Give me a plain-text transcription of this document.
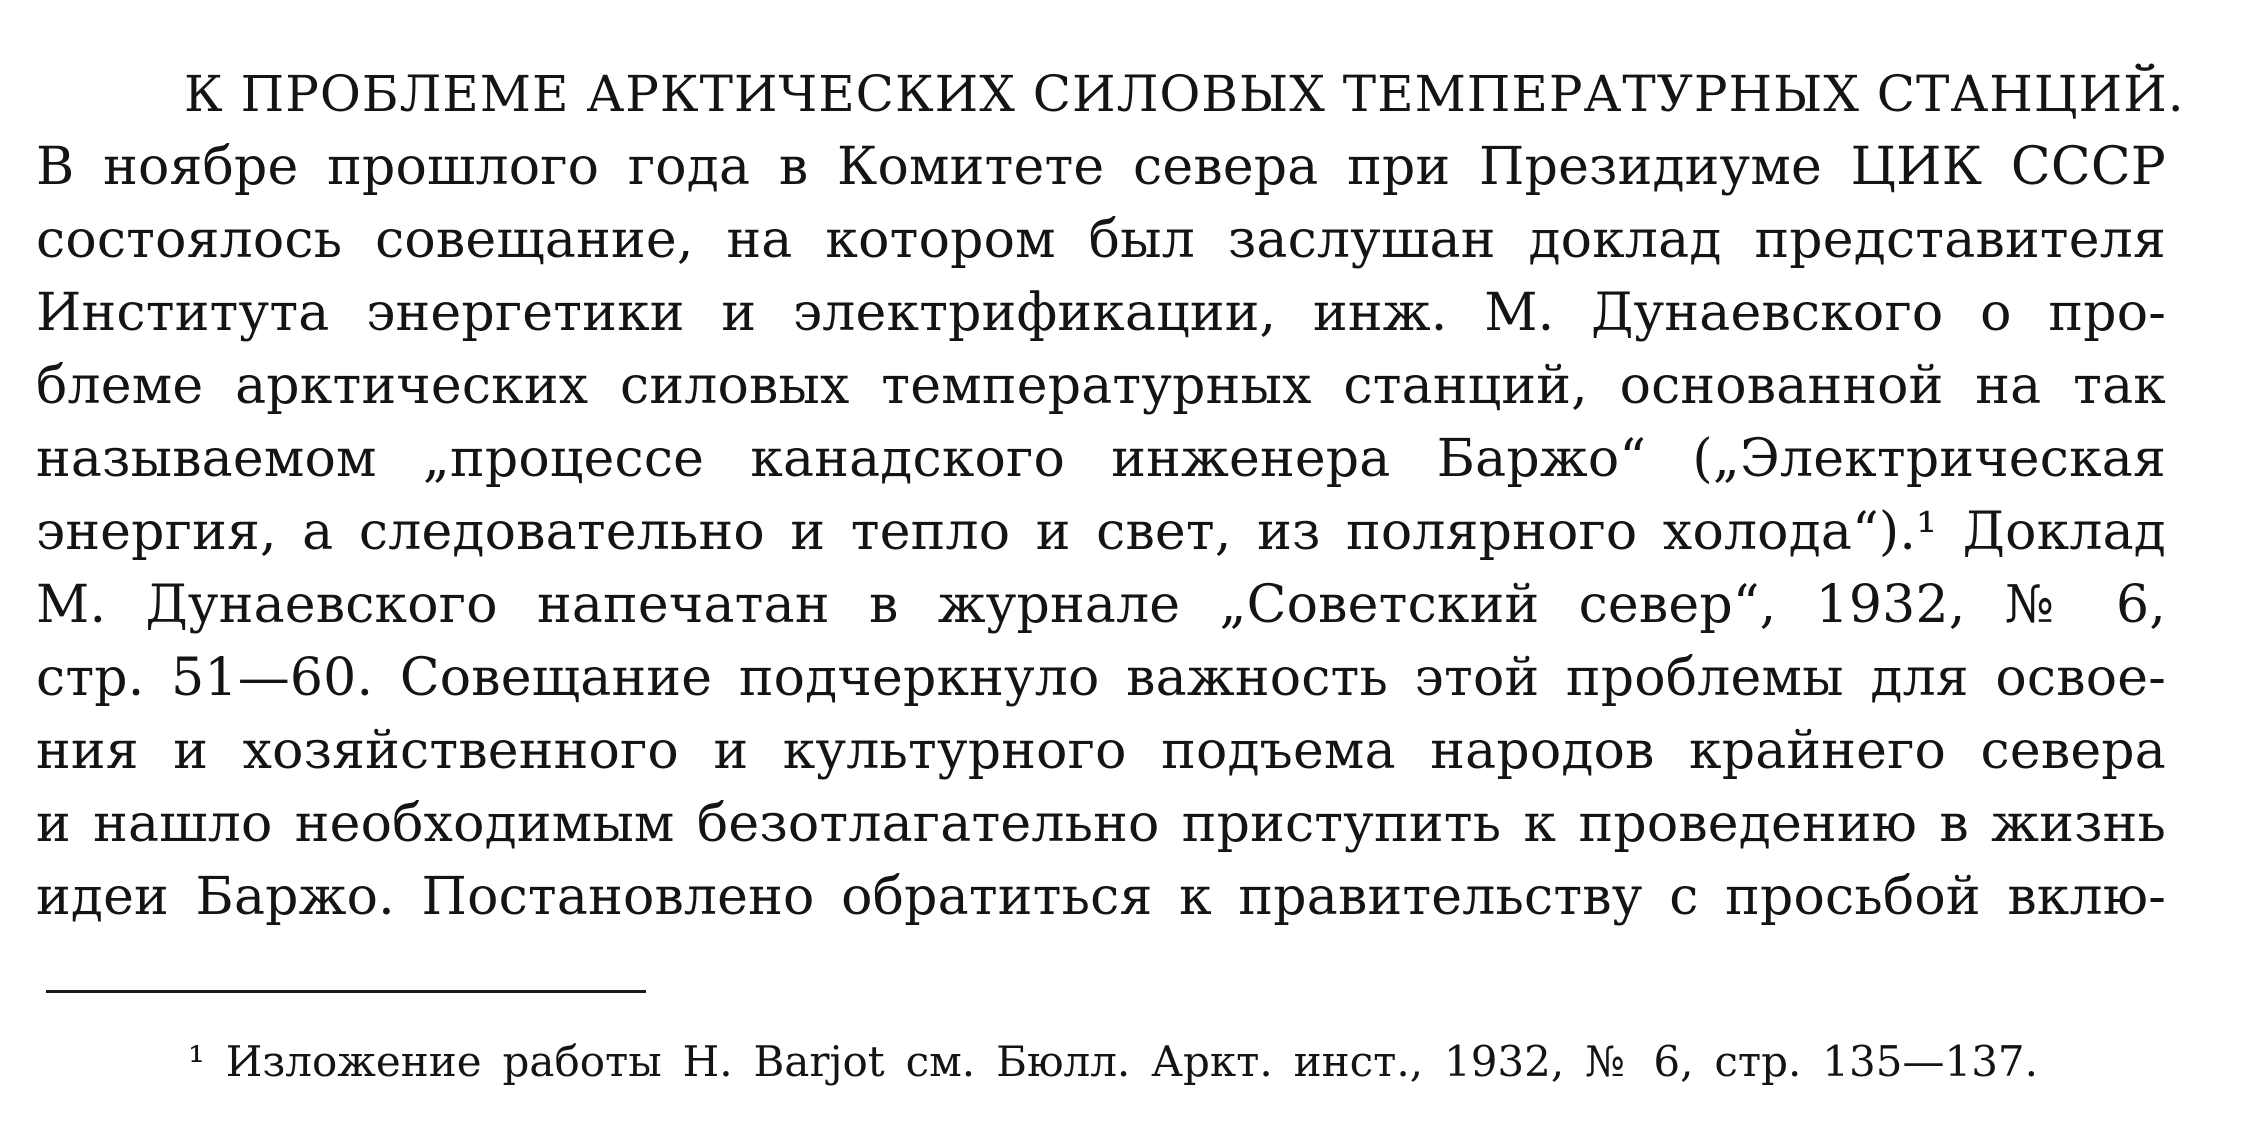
К ПРОБЛЕМЕ АРКТИЧЕСКИХ СИЛОВЫХ ТЕМПЕРАТУРНЫХ СТАНЦИЙ.
В ноябре прошлого года в Комитете севера при Президиуме ЦИК СССР
состоялось совещание, на котором был заслушан доклад представителя
Института энергетики и электрификации, инж. М. Дунаевского о про-
блеме арктических силовых температурных станций, основанной на так
называемом „процессе канадского инженера Баржо“ („Электрическая
энергия, а следовательно и тепло и свет, из полярного холода“).¹ Доклад
М. Дунаевского напечатан в журнале „Советский север“, 1932, № 6,
стр. 51—60. Совещание подчеркнуло важность этой проблемы для освое-
ния и хозяйственного и культурного подъема народов крайнего севера
и нашло необходимым безотлагательно приступить к проведению в жизнь
идеи Баржо. Постановлено обратиться к правительству с просьбой вклю-
¹ Изложение работы H. Barjot см. Бюлл. Аркт. инст., 1932, № 6, стр. 135—137.
